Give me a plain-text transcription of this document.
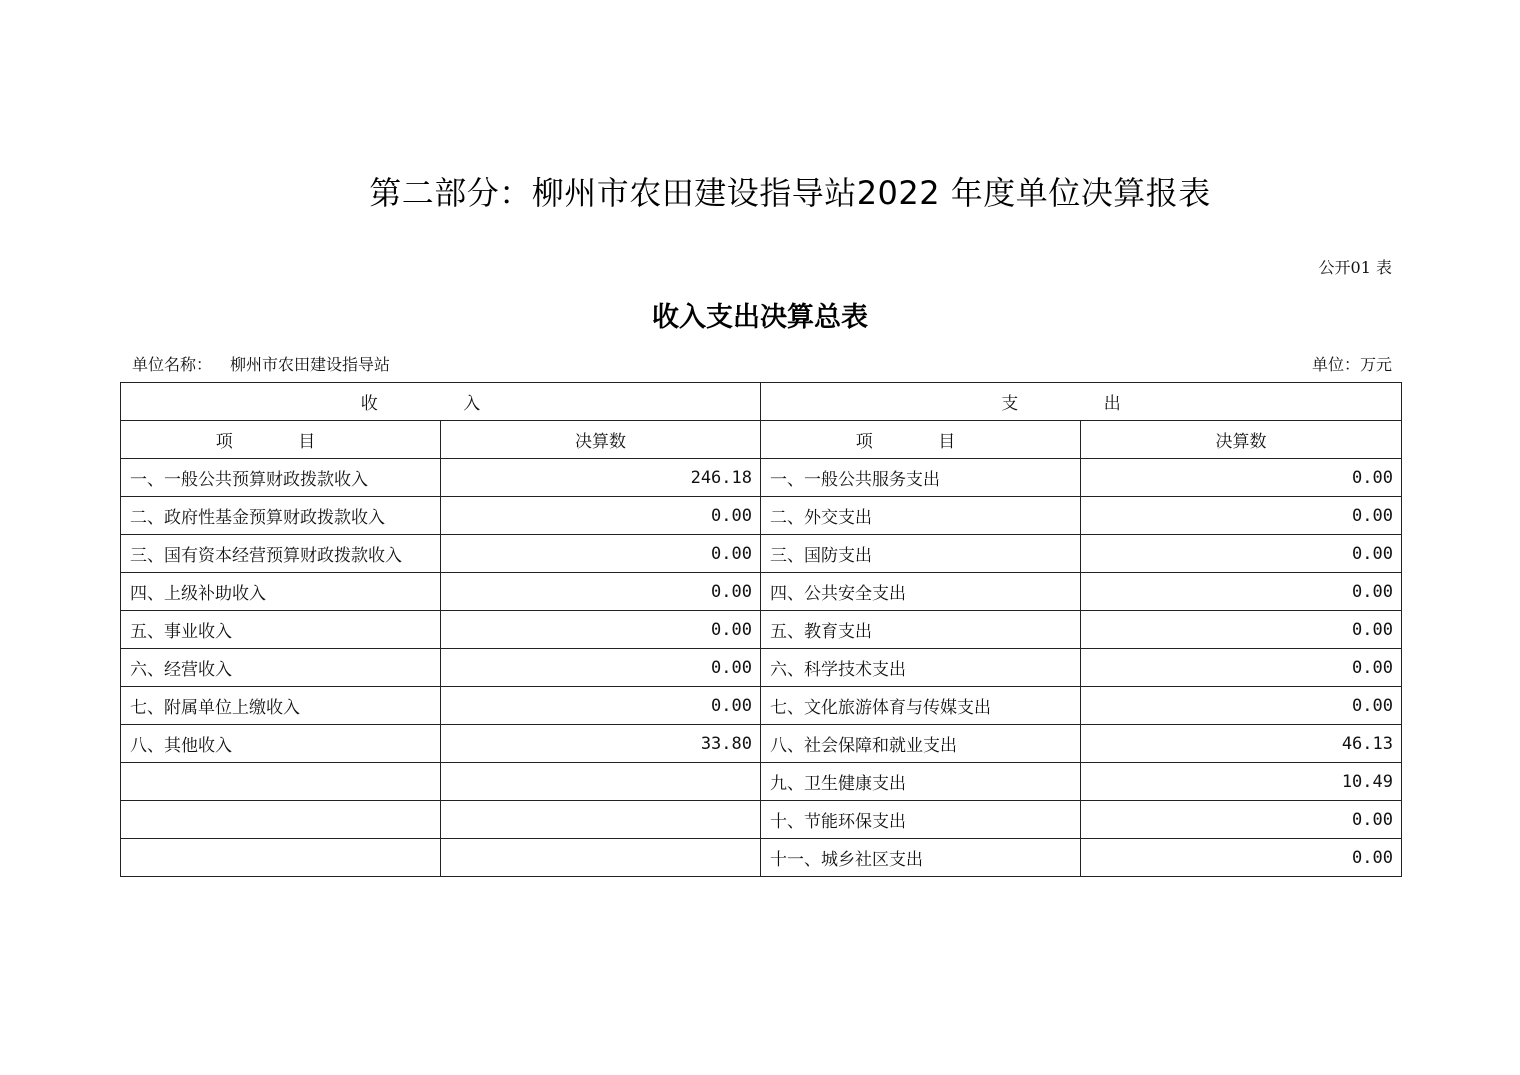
第二部分：柳州市农田建设指导站2022 年度单位决算报表
公开01 表
收入支出决算总表
单位名称： 柳州市农田建设指导站	单位：万元
收 入		支 出	
项 目	决算数	项 目	决算数
一、一般公共预算财政拨款收入	246.18	一、一般公共服务支出	0.00
二、政府性基金预算财政拨款收入	0.00	二、外交支出	0.00
三、国有资本经营预算财政拨款收入	0.00	三、国防支出	0.00
四、上级补助收入	0.00	四、公共安全支出	0.00
五、事业收入	0.00	五、教育支出	0.00
六、经营收入	0.00	六、科学技术支出	0.00
七、附属单位上缴收入	0.00	七、文化旅游体育与传媒支出	0.00
八、其他收入	33.80	八、社会保障和就业支出	46.13
		九、卫生健康支出	10.49
		十、节能环保支出	0.00
		十一、城乡社区支出	0.00
